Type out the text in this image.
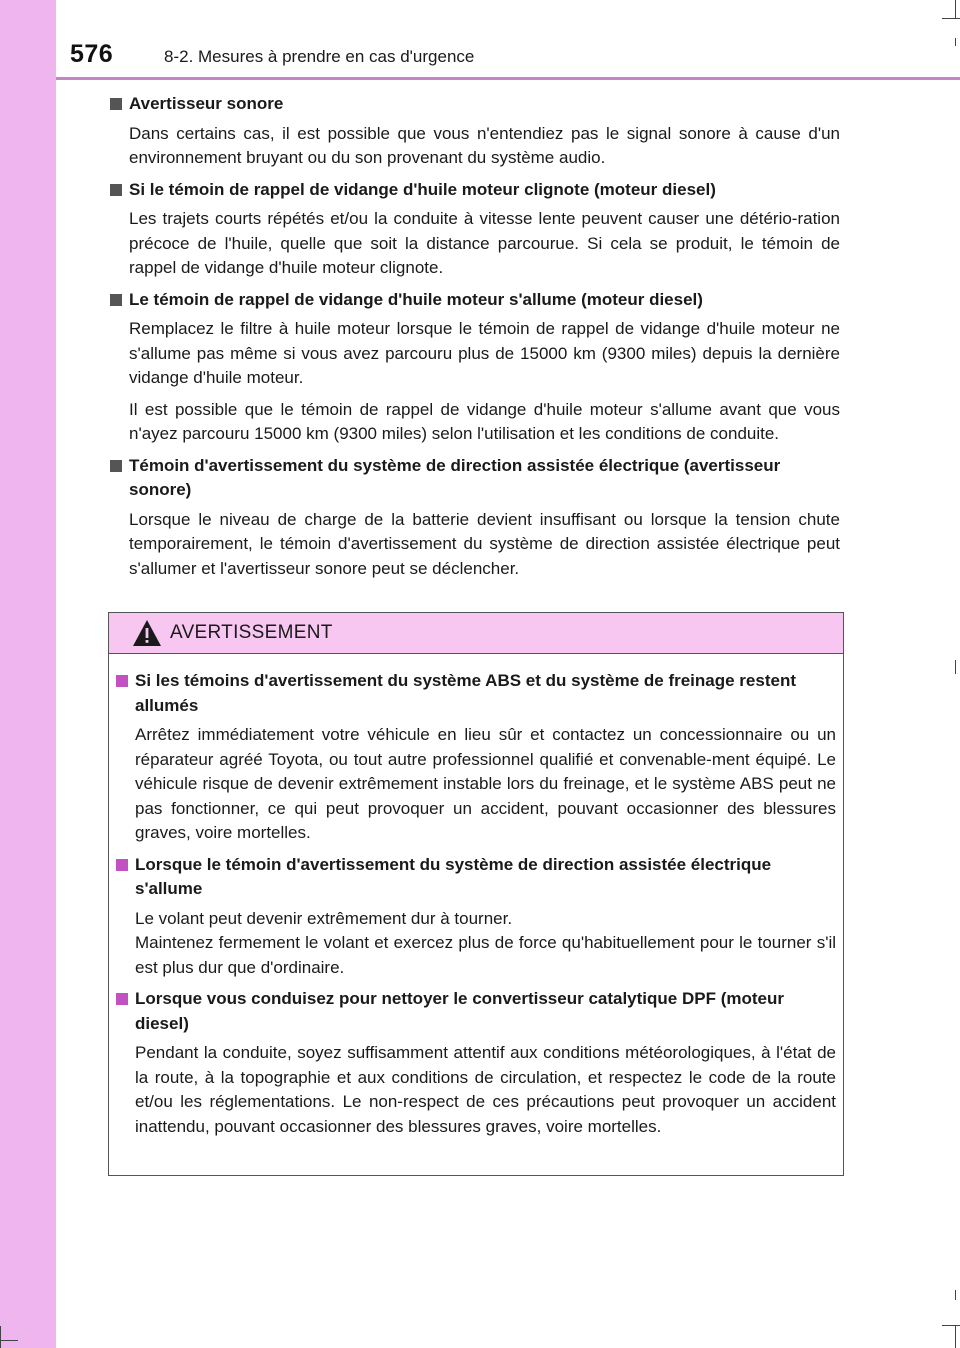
576	8-2. Mesures à prendre en cas d'urgence
Avertisseur sonore

Dans certains cas, il est possible que vous n'entendiez pas le signal sonore à cause d'un environnement bruyant ou du son provenant du système audio.

Si le témoin de rappel de vidange d'huile moteur clignote (moteur diesel)

Les trajets courts répétés et/ou la conduite à vitesse lente peuvent causer une détério-ration précoce de l'huile, quelle que soit la distance parcourue. Si cela se produit, le témoin de rappel de vidange d'huile moteur clignote.

Le témoin de rappel de vidange d'huile moteur s'allume (moteur diesel)

Remplacez le filtre à huile moteur lorsque le témoin de rappel de vidange d'huile moteur ne s'allume pas même si vous avez parcouru plus de 15000 km (9300 miles) depuis la dernière vidange d'huile moteur.

Il est possible que le témoin de rappel de vidange d'huile moteur s'allume avant que vous n'ayez parcouru 15000 km (9300 miles) selon l'utilisation et les conditions de conduite.

Témoin d'avertissement du système de direction assistée électrique (avertisseur sonore)

Lorsque le niveau de charge de la batterie devient insuffisant ou lorsque la tension chute temporairement, le témoin d'avertissement du système de direction assistée électrique peut s'allumer et l'avertisseur sonore peut se déclencher.

AVERTISSEMENT
Si les témoins d'avertissement du système ABS et du système de freinage restent allumés

Arrêtez immédiatement votre véhicule en lieu sûr et contactez un concessionnaire ou un réparateur agréé Toyota, ou tout autre professionnel qualifié et convenable-ment équipé. Le véhicule risque de devenir extrêmement instable lors du freinage, et le système ABS peut ne pas fonctionner, ce qui peut provoquer un accident, pouvant occasionner des blessures graves, voire mortelles.

Lorsque le témoin d'avertissement du système de direction assistée électrique s'allume

Le volant peut devenir extrêmement dur à tourner.

Maintenez fermement le volant et exercez plus de force qu'habituellement pour le tourner s'il est plus dur que d'ordinaire.

Lorsque vous conduisez pour nettoyer le convertisseur catalytique DPF (moteur diesel)

Pendant la conduite, soyez suffisamment attentif aux conditions météorologiques, à l'état de la route, à la topographie et aux conditions de circulation, et respectez le code de la route et/ou les réglementations. Le non-respect de ces précautions peut provoquer un accident inattendu, pouvant occasionner des blessures graves, voire mortelles.
